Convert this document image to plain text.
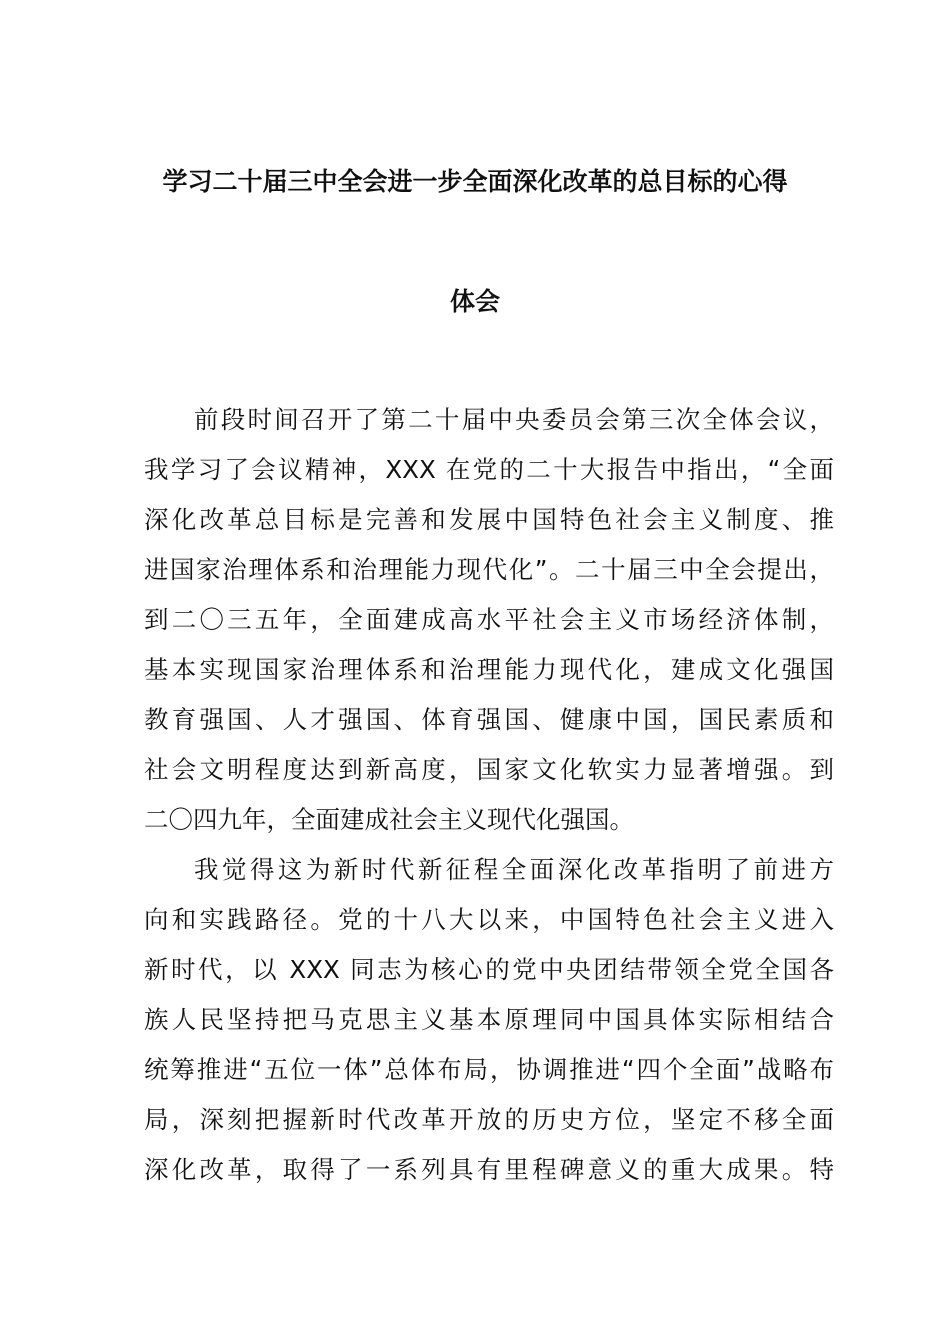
学习二十届三中全会进一步全面深化改革的总目标的心得
体会
前段时间召开了第二十届中央委员会第三次全体会议，
我学习了会议精神，XXX 在党的二十大报告中指出，“全面
深化改革总目标是完善和发展中国特色社会主义制度、推
进国家治理体系和治理能力现代化”。二十届三中全会提出，
到二〇三五年，全面建成高水平社会主义市场经济体制，
基本实现国家治理体系和治理能力现代化，建成文化强国
教育强国、人才强国、体育强国、健康中国，国民素质和
社会文明程度达到新高度，国家文化软实力显著增强。到
二〇四九年，全面建成社会主义现代化强国。
我觉得这为新时代新征程全面深化改革指明了前进方
向和实践路径。党的十八大以来，中国特色社会主义进入
新时代，以 XXX 同志为核心的党中央团结带领全党全国各
族人民坚持把马克思主义基本原理同中国具体实际相结合
统筹推进“五位一体”总体布局，协调推进“四个全面”战略布
局，深刻把握新时代改革开放的历史方位，坚定不移全面
深化改革，取得了一系列具有里程碑意义的重大成果。特
